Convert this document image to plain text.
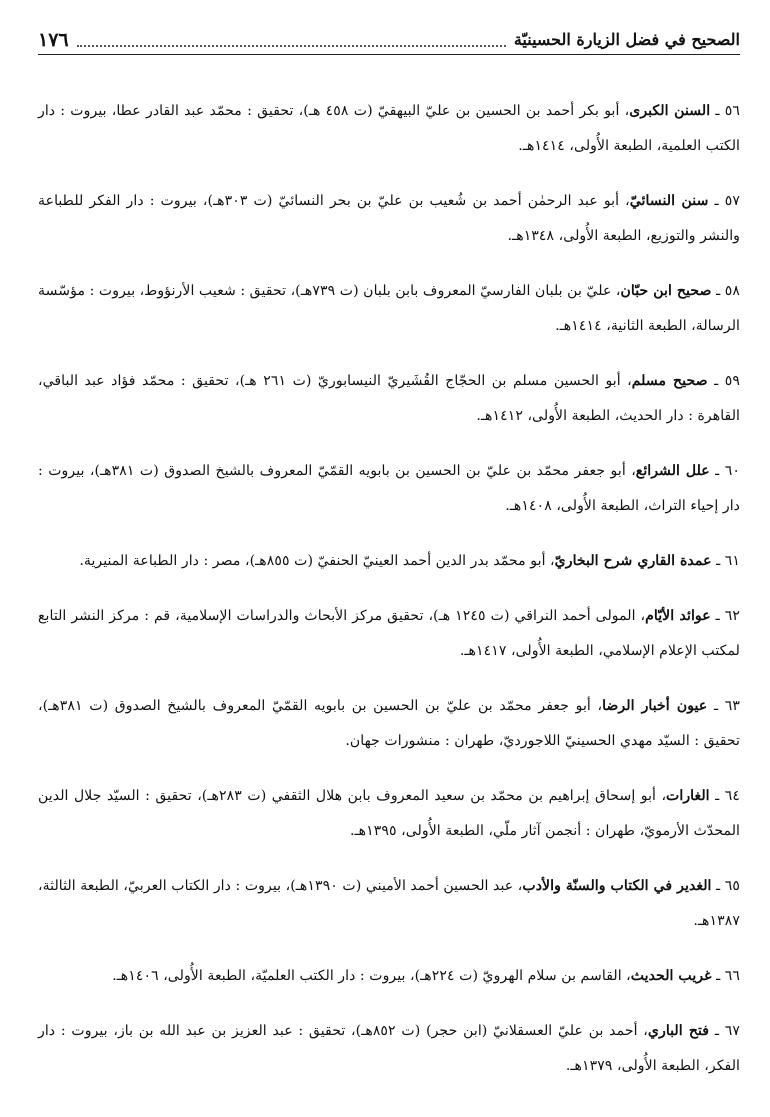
الصحيح في فضل الزيارة الحسينيّة
١٧٦

٥٦ ـ السنن الكبرى، أبو بكر أحمد بن الحسين بن عليّ البيهقيّ (ت ٤٥٨ هـ)، تحقيق : محمّد عبد القادر عطا، بيروت : دار الكتب العلمية، الطبعة الأُولى، ١٤١٤هـ.

٥٧ ـ سنن النسائيّ، أبو عبد الرحمٰن أحمد بن شُعيب بن عليّ بن بحر النسائيّ (ت ٣٠٣هـ)، بيروت : دار الفكر للطباعة والنشر والتوزيع، الطبعة الأُولى، ١٣٤٨هـ.

٥٨ ـ صحيح ابن حبّان، عليّ بن بلبان الفارسيّ المعروف بابن بلبان (ت ٧٣٩هـ)، تحقيق : شعيب الأرنؤوط، بيروت : مؤسّسة الرسالة، الطبعة الثانية، ١٤١٤هـ.

٥٩ ـ صحيح مسلم، أبو الحسين مسلم بن الحجّاج القُشَيريّ النيسابوريّ (ت ٢٦١ هـ)، تحقيق : محمّد فؤاد عبد الباقي، القاهرة : دار الحديث، الطبعة الأُولى، ١٤١٢هـ.

٦٠ ـ علل الشرائع، أبو جعفر محمّد بن عليّ بن الحسين بن بابويه القمّيّ المعروف بالشيخ الصدوق (ت ٣٨١هـ)، بيروت : دار إحياء التراث، الطبعة الأُولى، ١٤٠٨هـ.

٦١ ـ عمدة القاري شرح البخاريّ، أبو محمّد بدر الدين أحمد العينيّ الحنفيّ (ت ٨٥٥هـ)، مصر : دار الطباعة المنيرية.

٦٢ ـ عوائد الأيّام، المولى أحمد النراقي (ت ١٢٤٥ هـ)، تحقيق مركز الأبحاث والدراسات الإسلامية، قم : مركز النشر التابع لمكتب الإعلام الإسلامي، الطبعة الأُولى، ١٤١٧هـ.

٦٣ ـ عيون أخبار الرضا، أبو جعفر محمّد بن عليّ بن الحسين بن بابويه القمّيّ المعروف بالشيخ الصدوق (ت ٣٨١هـ)، تحقيق : السيّد مهدي الحسينيّ اللاجورديّ، طهران : منشورات جهان.

٦٤ ـ الغارات، أبو إسحاق إبراهيم بن محمّد بن سعيد المعروف بابن هلال الثقفي (ت ٢٨٣هـ)، تحقيق : السيّد جلال الدين المحدّث الأرمويّ، طهران : أنجمن آثار ملّي، الطبعة الأُولى، ١٣٩٥هـ.

٦٥ ـ الغدير في الكتاب والسنّة والأدب، عبد الحسين أحمد الأميني (ت ١٣٩٠هـ)، بيروت : دار الكتاب العربيّ، الطبعة الثالثة، ١٣٨٧هـ.

٦٦ ـ غريب الحديث، القاسم بن سلام الهرويّ (ت ٢٢٤هـ)، بيروت : دار الكتب العلميّة، الطبعة الأُولى، ١٤٠٦هـ.

٦٧ ـ فتح الباري، أحمد بن عليّ العسقلانيّ (ابن حجر) (ت ٨٥٢هـ)، تحقيق : عبد العزيز بن عبد الله بن باز، بيروت : دار الفكر، الطبعة الأُولى، ١٣٧٩هـ.
